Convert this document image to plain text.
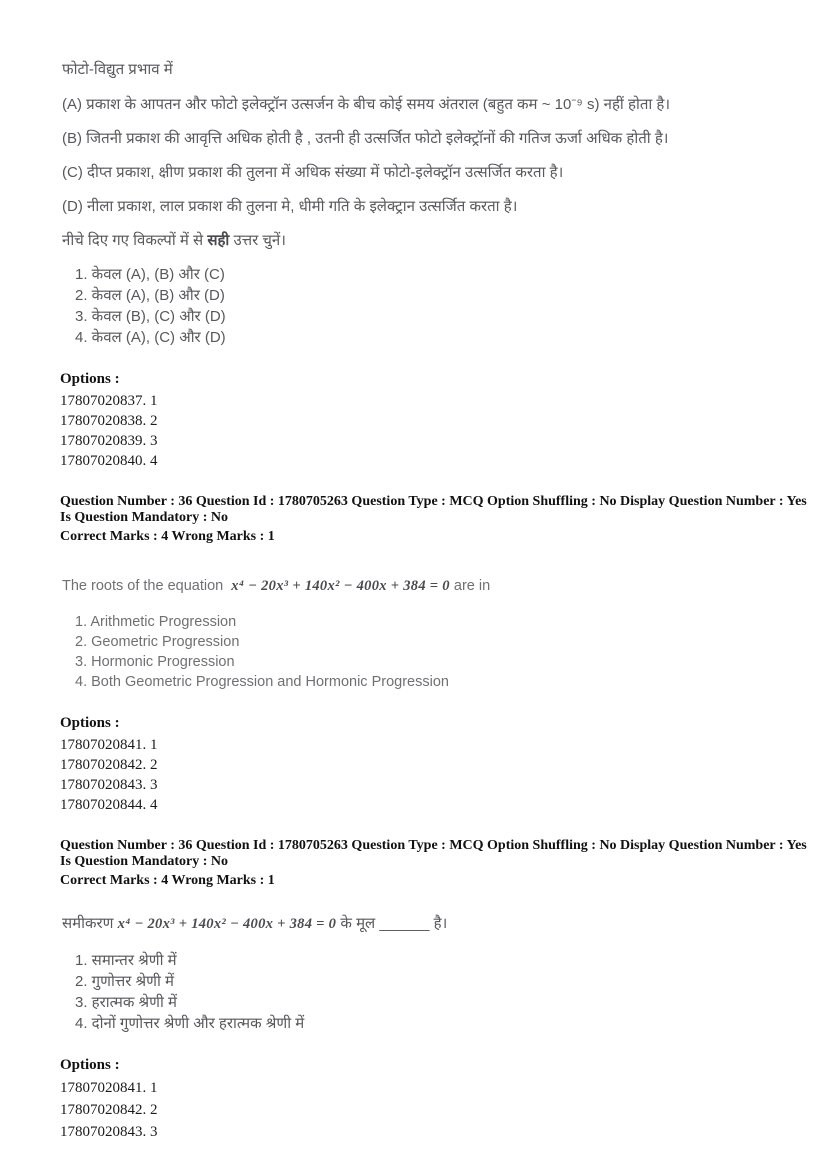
फोटो-विद्युत प्रभाव में

(A) प्रकाश के आपतन और फोटो इलेक्ट्रॉन उत्सर्जन के बीच कोई समय अंतराल (बहुत कम ~ 10⁻⁹ s) नहीं होता है।

(B) जितनी प्रकाश की आवृत्ति अधिक होती है , उतनी ही उत्सर्जित फोटो इलेक्ट्रॉनों की गतिज ऊर्जा अधिक होती है।

(C) दीप्त प्रकाश, क्षीण प्रकाश की तुलना में अधिक संख्या में फोटो-इलेक्ट्रॉन उत्सर्जित करता है।

(D) नीला प्रकाश, लाल प्रकाश की तुलना मे, धीमी गति के इलेक्ट्रान उत्सर्जित करता है।

नीचे दिए गए विकल्पों में से सही उत्तर चुनें।

1. केवल (A), (B) और (C)
2. केवल (A), (B) और (D)
3. केवल (B), (C) और (D)
4. केवल (A), (C) और (D)
Options :
17807020837. 1
17807020838. 2
17807020839. 3
17807020840. 4
Question Number : 36 Question Id : 1780705263 Question Type : MCQ Option Shuffling : No Display Question Number : Yes
Is Question Mandatory : No
Correct Marks : 4 Wrong Marks : 1

The roots of the equation x⁴ − 20x³ + 140x² − 400x + 384 = 0 are in

1. Arithmetic Progression
2. Geometric Progression
3. Hormonic Progression
4. Both Geometric Progression and Hormonic Progression
Options :
17807020841. 1
17807020842. 2
17807020843. 3
17807020844. 4
Question Number : 36 Question Id : 1780705263 Question Type : MCQ Option Shuffling : No Display Question Number : Yes
Is Question Mandatory : No
Correct Marks : 4 Wrong Marks : 1

समीकरण x⁴ − 20x³ + 140x² − 400x + 384 = 0 के मूल ______ है।

1. समान्तर श्रेणी में
2. गुणोत्तर श्रेणी में
3. हरात्मक श्रेणी में
4. दोनों गुणोत्तर श्रेणी और हरात्मक श्रेणी में
Options :
17807020841. 1
17807020842. 2
17807020843. 3
